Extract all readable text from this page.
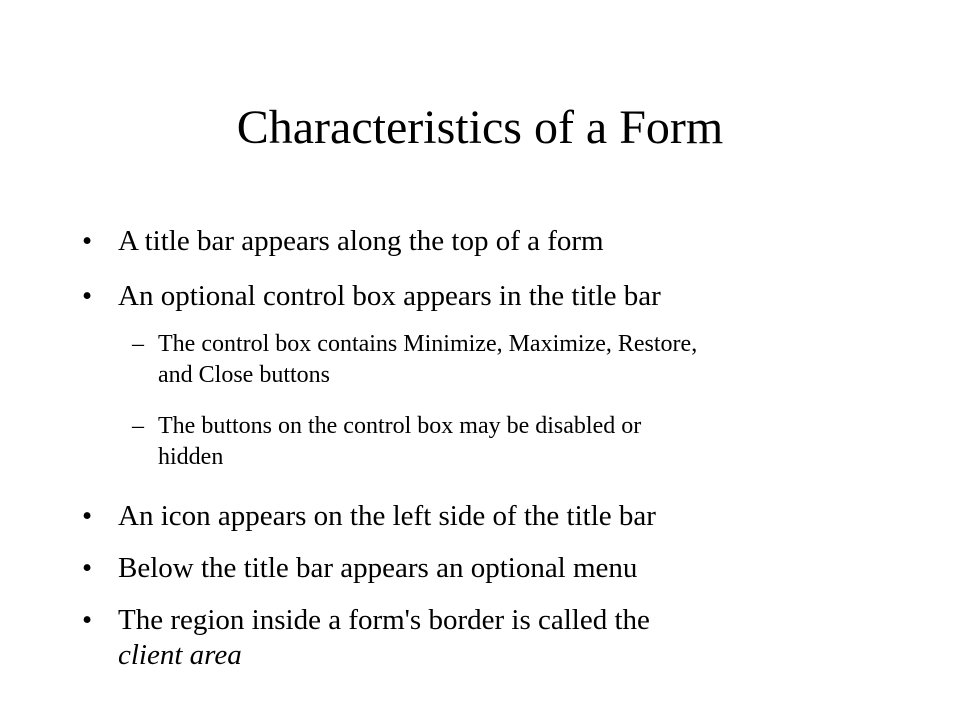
Characteristics of a Form
• A title bar appears along the top of a form
• An optional control box appears in the title bar
– The control box contains Minimize, Maximize, Restore,
and Close buttons
– The buttons on the control box may be disabled or
hidden
• An icon appears on the left side of the title bar
• Below the title bar appears an optional menu
• The region inside a form's border is called the
client area
